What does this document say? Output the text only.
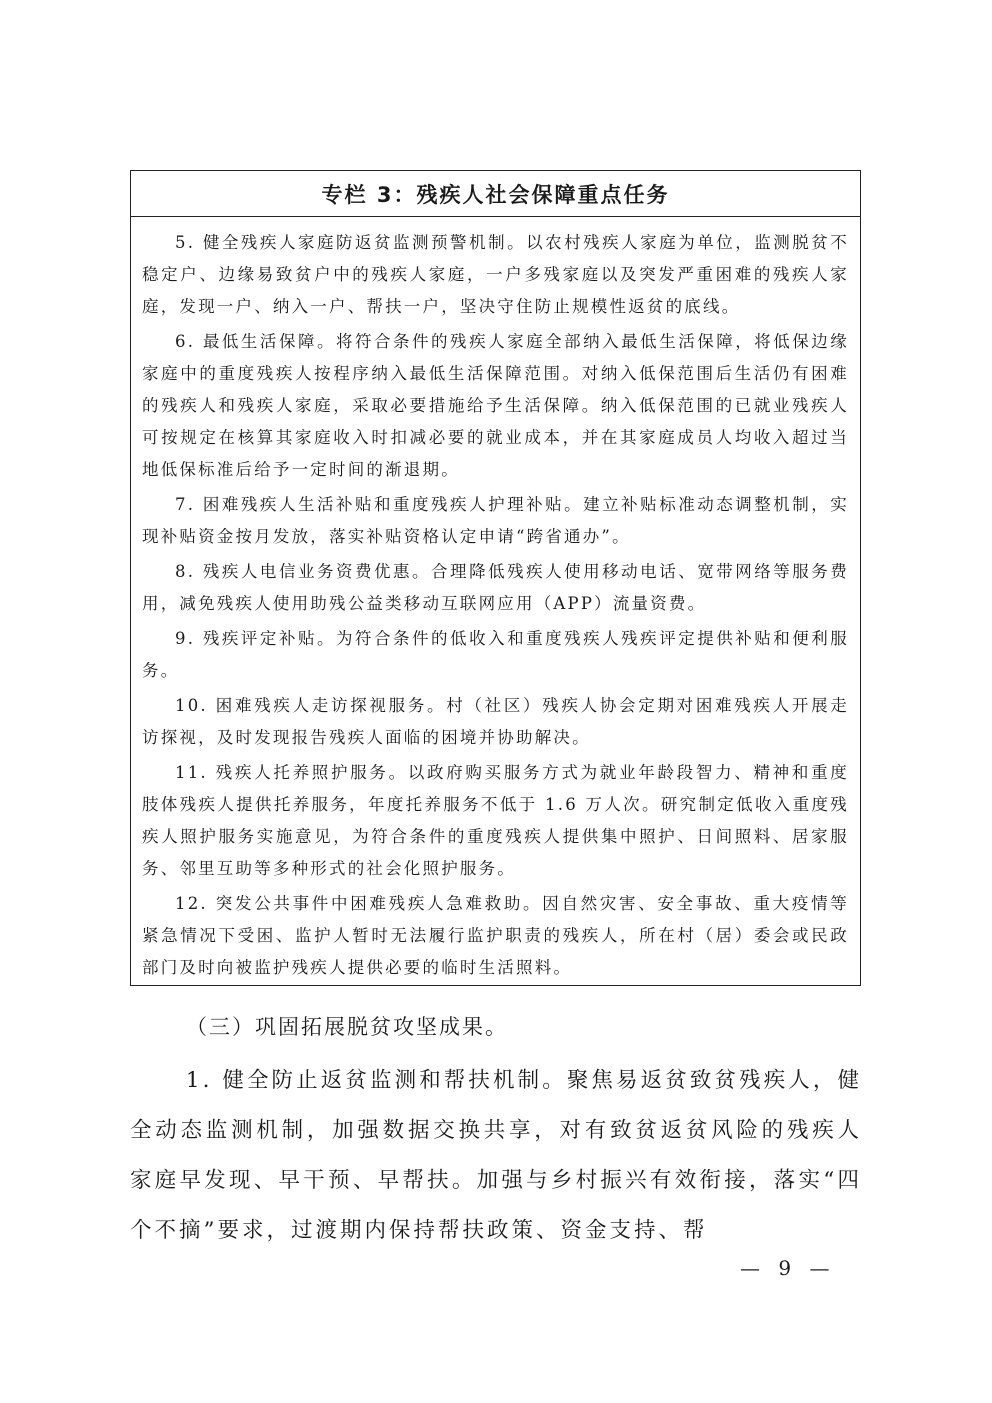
专栏 3：残疾人社会保障重点任务

5. 健全残疾人家庭防返贫监测预警机制。以农村残疾人家庭为单位，监测脱贫不稳定户、边缘易致贫户中的残疾人家庭，一户多残家庭以及突发严重困难的残疾人家庭，发现一户、纳入一户、帮扶一户，坚决守住防止规模性返贫的底线。

6. 最低生活保障。将符合条件的残疾人家庭全部纳入最低生活保障，将低保边缘家庭中的重度残疾人按程序纳入最低生活保障范围。对纳入低保范围后生活仍有困难的残疾人和残疾人家庭，采取必要措施给予生活保障。纳入低保范围的已就业残疾人可按规定在核算其家庭收入时扣减必要的就业成本，并在其家庭成员人均收入超过当地低保标准后给予一定时间的渐退期。

7. 困难残疾人生活补贴和重度残疾人护理补贴。建立补贴标准动态调整机制，实现补贴资金按月发放，落实补贴资格认定申请“跨省通办”。

8. 残疾人电信业务资费优惠。合理降低残疾人使用移动电话、宽带网络等服务费用，减免残疾人使用助残公益类移动互联网应用（APP）流量资费。

9. 残疾评定补贴。为符合条件的低收入和重度残疾人残疾评定提供补贴和便利服务。

10. 困难残疾人走访探视服务。村（社区）残疾人协会定期对困难残疾人开展走访探视，及时发现报告残疾人面临的困境并协助解决。

11. 残疾人托养照护服务。以政府购买服务方式为就业年龄段智力、精神和重度肢体残疾人提供托养服务，年度托养服务不低于 1.6 万人次。研究制定低收入重度残疾人照护服务实施意见，为符合条件的重度残疾人提供集中照护、日间照料、居家服务、邻里互助等多种形式的社会化照护服务。

12. 突发公共事件中困难残疾人急难救助。因自然灾害、安全事故、重大疫情等紧急情况下受困、监护人暂时无法履行监护职责的残疾人，所在村（居）委会或民政部门及时向被监护残疾人提供必要的临时生活照料。

（三）巩固拓展脱贫攻坚成果。

1. 健全防止返贫监测和帮扶机制。聚焦易返贫致贫残疾人，健全动态监测机制，加强数据交换共享，对有致贫返贫风险的残疾人家庭早发现、早干预、早帮扶。加强与乡村振兴有效衔接，落实“四个不摘”要求，过渡期内保持帮扶政策、资金支持、帮

— 9 —
